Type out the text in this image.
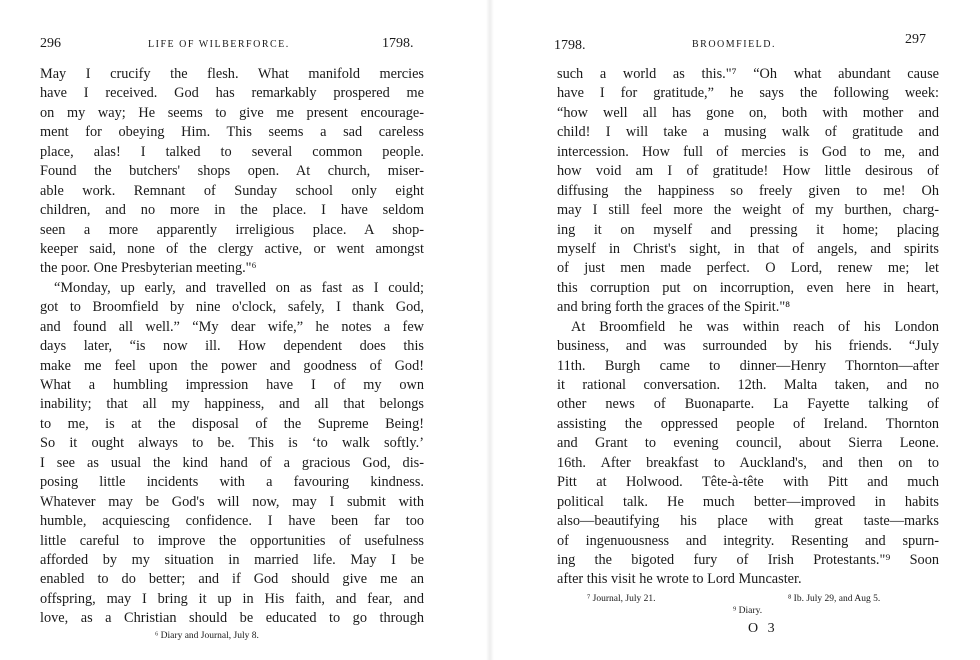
296	LIFE OF WILBERFORCE.	1798.
May I crucify the flesh. What manifold mercies
have I received. God has remarkably prospered me
on my way; He seems to give me present encourage-
ment for obeying Him. This seems a sad careless
place, alas! I talked to several common people.
Found the butchers' shops open. At church, miser-
able work. Remnant of Sunday school only eight
children, and no more in the place. I have seldom
seen a more apparently irreligious place. A shop-
keeper said, none of the clergy active, or went amongst
the poor. One Presbyterian meeting."⁶
“Monday, up early, and travelled on as fast as I could;
got to Broomfield by nine o'clock, safely, I thank God,
and found all well.” “My dear wife,” he notes a few
days later, “is now ill. How dependent does this
make me feel upon the power and goodness of God!
What a humbling impression have I of my own
inability; that all my happiness, and all that belongs
to me, is at the disposal of the Supreme Being!
So it ought always to be. This is ‘to walk softly.’
I see as usual the kind hand of a gracious God, dis-
posing little incidents with a favouring kindness.
Whatever may be God's will now, may I submit with
humble, acquiescing confidence. I have been far too
little careful to improve the opportunities of usefulness
afforded by my situation in married life. May I be
enabled to do better; and if God should give me an
offspring, may I bring it up in His faith, and fear, and
love, as a Christian should be educated to go through
⁶ Diary and Journal, July 8.
1798.	BROOMFIELD.	297
such a world as this."⁷ “Oh what abundant cause
have I for gratitude,” he says the following week:
“how well all has gone on, both with mother and
child! I will take a musing walk of gratitude and
intercession. How full of mercies is God to me, and
how void am I of gratitude! How little desirous of
diffusing the happiness so freely given to me! Oh
may I still feel more the weight of my burthen, charg-
ing it on myself and pressing it home; placing
myself in Christ's sight, in that of angels, and spirits
of just men made perfect. O Lord, renew me; let
this corruption put on incorruption, even here in heart,
and bring forth the graces of the Spirit."⁸
At Broomfield he was within reach of his London
business, and was surrounded by his friends. “July
11th. Burgh came to dinner—Henry Thornton—after
it rational conversation. 12th. Malta taken, and no
other news of Buonaparte. La Fayette talking of
assisting the oppressed people of Ireland. Thornton
and Grant to evening council, about Sierra Leone.
16th. After breakfast to Auckland's, and then on to
Pitt at Holwood. Tête-à-tête with Pitt and much
political talk. He much better—improved in habits
also—beautifying his place with great taste—marks
of ingenuousness and integrity. Resenting and spurn-
ing the bigoted fury of Irish Protestants."⁹ Soon
after this visit he wrote to Lord Muncaster.
⁷ Journal, July 21.	⁸ Ib. July 29, and Aug 5.
⁹ Diary.
O 3
